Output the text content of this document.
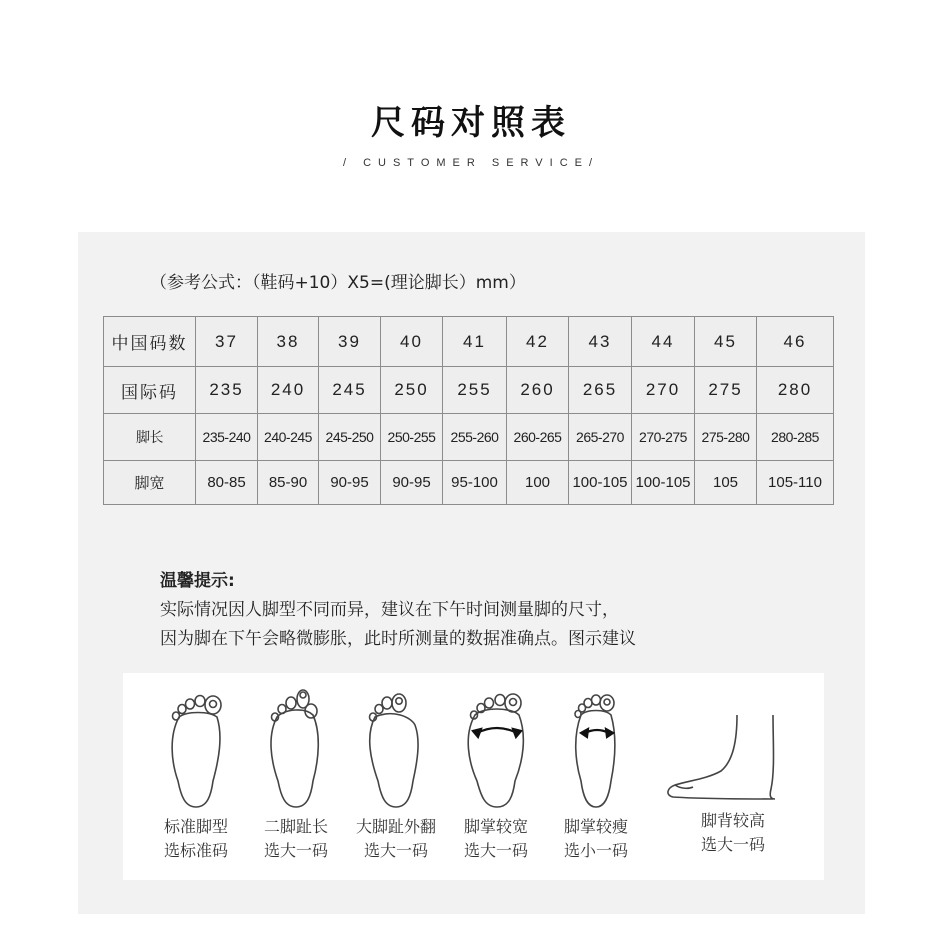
尺码对照表
/ CUSTOMER SERVICE/
（参考公式：（鞋码+10）X5=(理论脚长）mm）
中国码数	37	38	39	40	41	42	43	44	45	46
国际码	235	240	245	250	255	260	265	270	275	280
脚长	235-240	240-245	245-250	250-255	255-260	260-265	265-270	270-275	275-280	280-285
脚宽	80-85	85-90	90-95	90-95	95-100	100	100-105	100-105	105	105-110
温馨提示:
实际情况因人脚型不同而异，建议在下午时间测量脚的尺寸，
因为脚在下午会略微膨胀，此时所测量的数据准确点。图示建议
标准脚型
选标准码
二脚趾长
选大一码
大脚趾外翻
选大一码
脚掌较宽
选大一码
脚掌较瘦
选小一码
脚背较高
选大一码
